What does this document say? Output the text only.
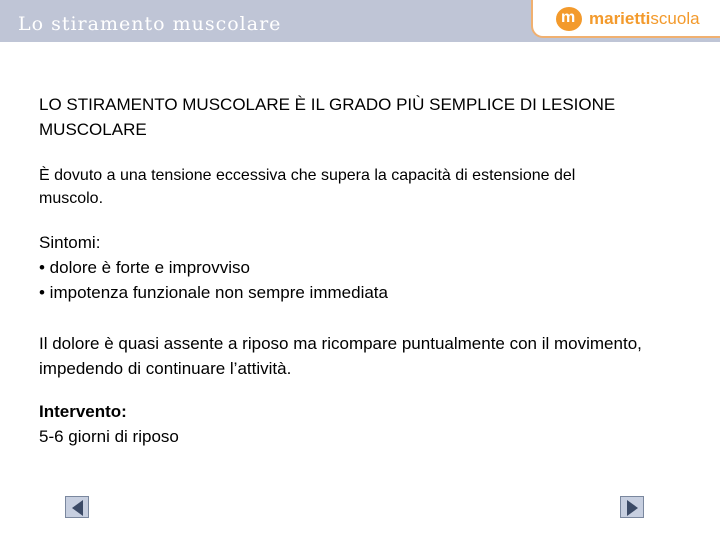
Lo stiramento muscolare	m mariettiscuola

LO STIRAMENTO MUSCOLARE È IL GRADO PIÙ SEMPLICE DI LESIONE MUSCOLARE

È dovuto a una tensione eccessiva che supera la capacità di estensione del
muscolo.
Sintomi:
• dolore è forte e improvviso
• impotenza funzionale non sempre immediata
Il dolore è quasi assente a riposo ma ricompare puntualmente con il movimento, impedendo di continuare l’attività.
Intervento:
5-6 giorni di riposo
